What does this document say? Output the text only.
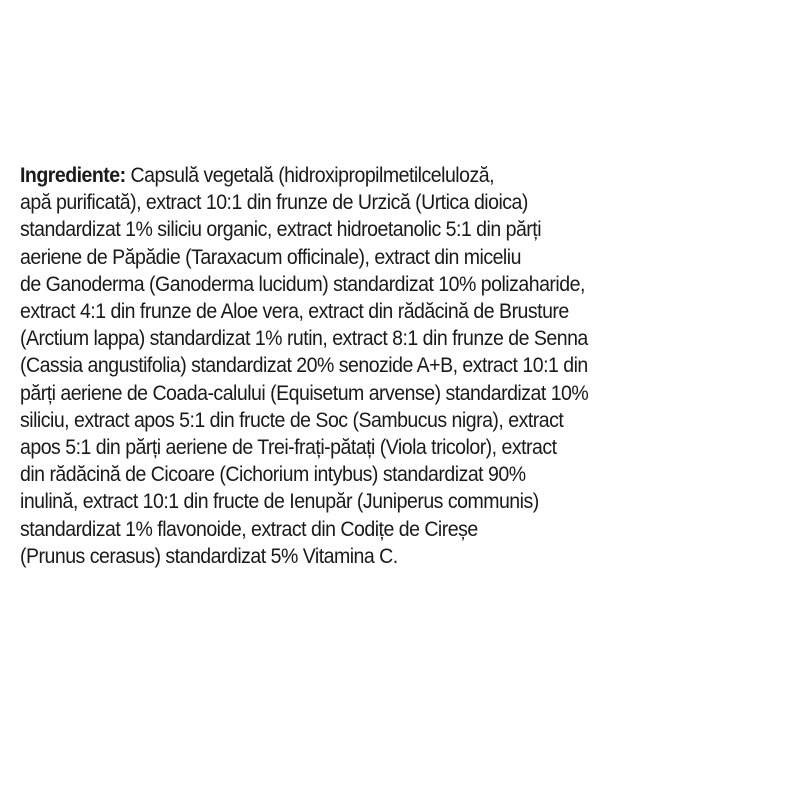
Ingrediente: Capsulă vegetală (hidroxipropilmetilceluloză,
apă purificată), extract 10:1 din frunze de Urzică (Urtica dioica)
standardizat 1% siliciu organic, extract hidroetanolic 5:1 din părți
aeriene de Păpădie (Taraxacum officinale), extract din miceliu
de Ganoderma (Ganoderma lucidum) standardizat 10% polizaharide,
extract 4:1 din frunze de Aloe vera, extract din rădăcină de Brusture
(Arctium lappa) standardizat 1% rutin, extract 8:1 din frunze de Senna
(Cassia angustifolia) standardizat 20% senozide A+B, extract 10:1 din
părți aeriene de Coada-calului (Equisetum arvense) standardizat 10%
siliciu, extract apos 5:1 din fructe de Soc (Sambucus nigra), extract
apos 5:1 din părți aeriene de Trei-frați-pătați (Viola tricolor), extract
din rădăcină de Cicoare (Cichorium intybus) standardizat 90%
inulină, extract 10:1 din fructe de Ienupăr (Juniperus communis)
standardizat 1% flavonoide, extract din Codițe de Cireșe
(Prunus cerasus) standardizat 5% Vitamina C.
